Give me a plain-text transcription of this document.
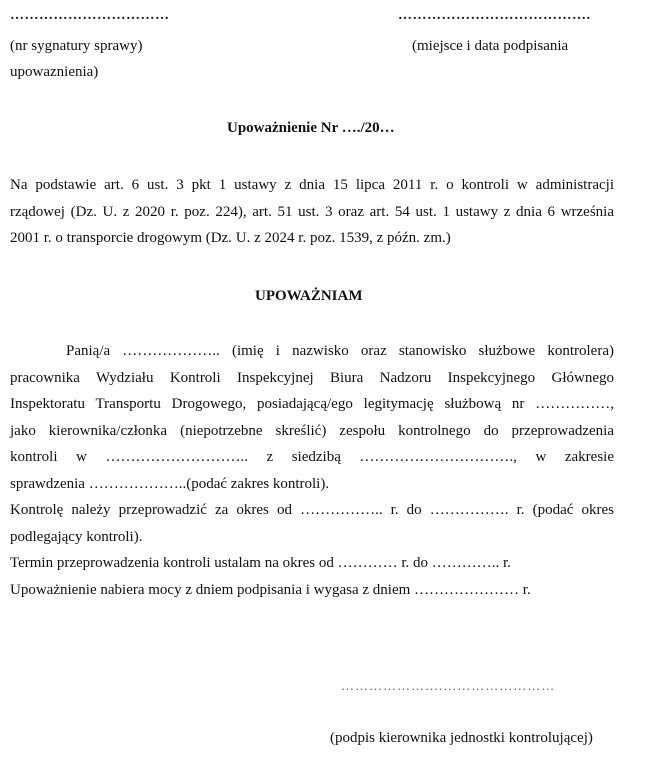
……………………………
(nr sygnatury sprawy)
………………………………….
(miejsce i data podpisania
upowaznienia)
Upoważnienie Nr …./20…
Na podstawie art. 6 ust. 3 pkt 1 ustawy z dnia 15 lipca 2011 r. o kontroli w administracji
rządowej (Dz. U. z 2020 r. poz. 224), art. 51 ust. 3 oraz art. 54 ust. 1 ustawy z dnia 6 września
2001 r. o transporcie drogowym (Dz. U. z 2024 r. poz. 1539, z późn. zm.)
UPOWAŻNIAM
Panią/a ……………….. (imię i nazwisko oraz stanowisko służbowe kontrolera)
pracownika Wydziału Kontroli Inspekcyjnej Biura Nadzoru Inspekcyjnego Głównego
Inspektoratu Transportu Drogowego, posiadającą/ego legitymację służbową nr ……………,
jako kierownika/członka (niepotrzebne skreślić) zespołu kontrolnego do przeprowadzenia
kontroli w ……………………….. z siedzibą …………………………., w zakresie
sprawdzenia ………………..(podać zakres kontroli).
Kontrolę należy przeprowadzić za okres od …………….. r. do ……………. r. (podać okres
podlegający kontroli).
Termin przeprowadzenia kontroli ustalam na okres od ………… r. do ………….. r.
Upoważnienie nabiera mocy z dniem podpisania i wygasa z dniem ………………… r.
………………….……………………
(podpis kierownika jednostki kontrolującej)
